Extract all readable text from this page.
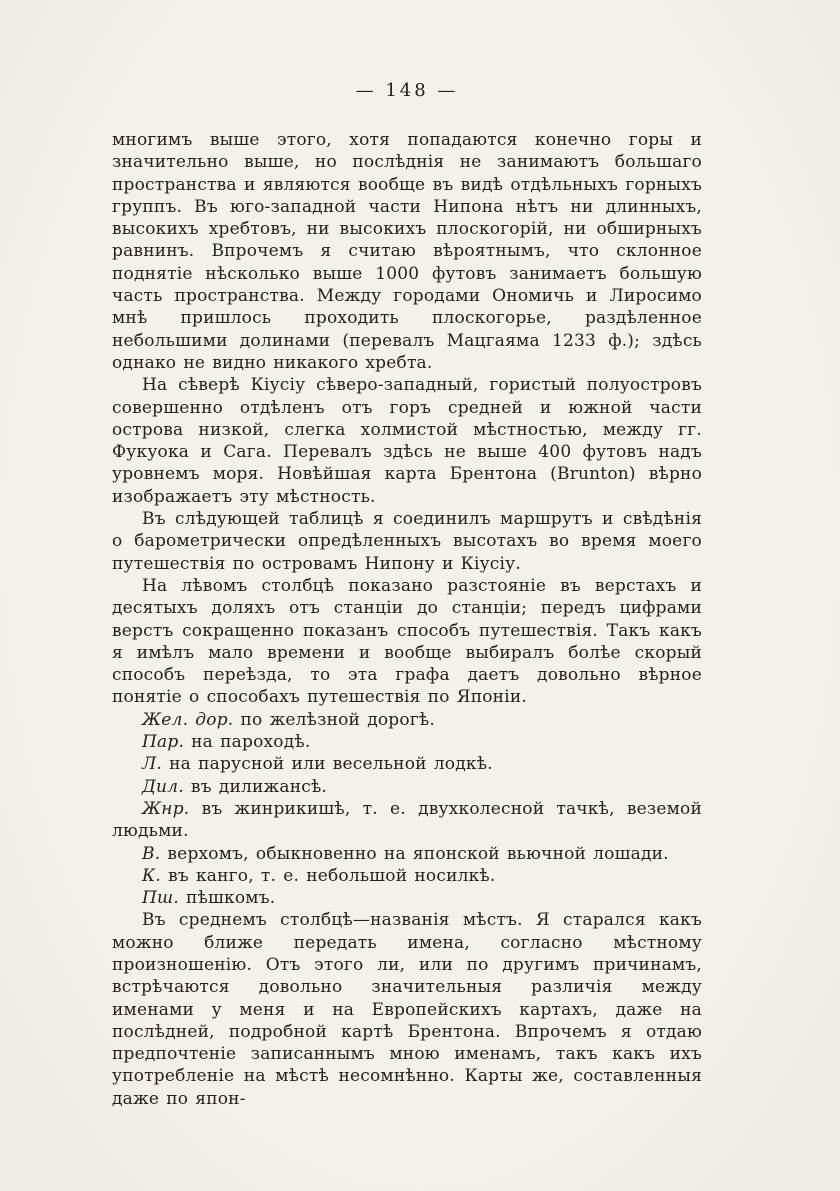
— 148 —

многимъ выше этого, хотя попадаются конечно горы и значительно выше, но послѣднія не занимаютъ большаго пространства и являются вообще въ видѣ отдѣльныхъ горныхъ группъ. Въ юго-западной части Нипона нѣтъ ни длинныхъ, высокихъ хребтовъ, ни высокихъ плоскогорій, ни обширныхъ равнинъ. Впрочемъ я считаю вѣроятнымъ, что склонное поднятіе нѣсколько выше 1000 футовъ занимаетъ большую часть пространства. Между городами Ономичь и Лиросимо мнѣ пришлось проходить плоскогорье, раздѣленное небольшими долинами (перевалъ Мацгаяма 1233 ф.); здѣсь однако не видно никакого хребта.

На сѣверѣ Кіусіу сѣверо-западный, гористый полуостровъ совершенно отдѣленъ отъ горъ средней и южной части острова низкой, слегка холмистой мѣстностью, между гг. Фукуока и Сага. Перевалъ здѣсь не выше 400 футовъ надъ уровнемъ моря. Новѣйшая карта Брентона (Brunton) вѣрно изображаетъ эту мѣстность.

Въ слѣдующей таблицѣ я соединилъ маршрутъ и свѣдѣнія о барометрически опредѣленныхъ высотахъ во время моего путешествія по островамъ Нипону и Кіусіу.

На лѣвомъ столбцѣ показано разстояніе въ верстахъ и десятыхъ доляхъ отъ станціи до станціи; передъ цифрами верстъ сокращенно показанъ способъ путешествія. Такъ какъ я имѣлъ мало времени и вообще выбиралъ болѣе скорый способъ переѣзда, то эта графа даетъ довольно вѣрное понятіе о способахъ путешествія по Японіи.

Жел. дор. по желѣзной дорогѣ.

Пар. на пароходѣ.

Л. на парусной или весельной лодкѣ.

Дил. въ дилижансѣ.

Жнр. въ жинрикишѣ, т. е. двухколесной тачкѣ, веземой людьми.

В. верхомъ, обыкновенно на японской вьючной лошади.

К. въ канго, т. е. небольшой носилкѣ.

Пш. пѣшкомъ.

Въ среднемъ столбцѣ—названія мѣстъ. Я старался какъ можно ближе передать имена, согласно мѣстному произношенію. Отъ этого ли, или по другимъ причинамъ, встрѣчаются довольно значительныя различія между именами у меня и на Европейскихъ картахъ, даже на послѣдней, подробной картѣ Брентона. Впрочемъ я отдаю предпочтеніе записаннымъ мною именамъ, такъ какъ ихъ употребленіе на мѣстѣ несомнѣнно. Карты же, составленныя даже по япон-
